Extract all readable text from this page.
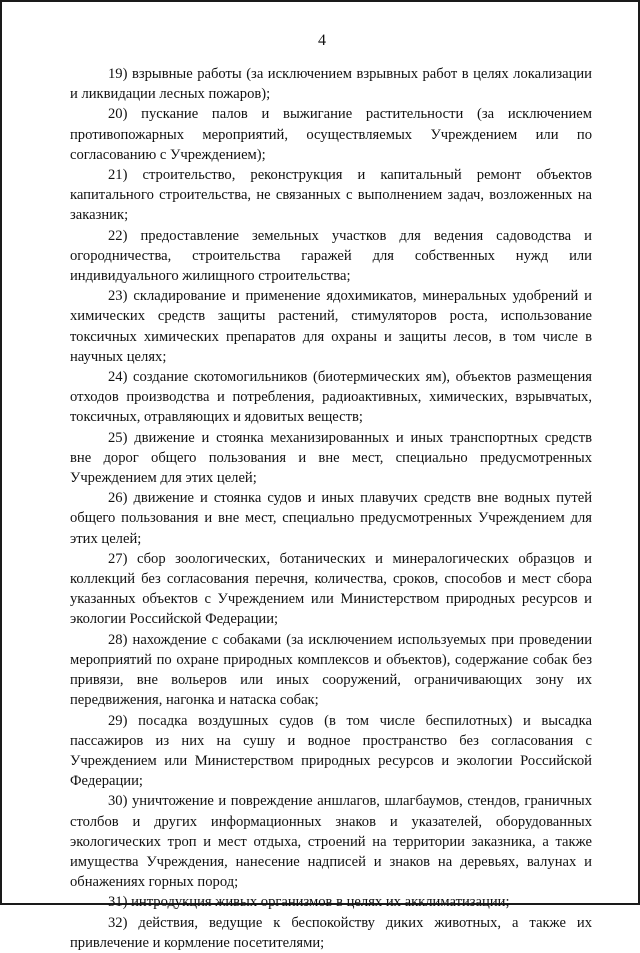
4

19) взрывные работы (за исключением взрывных работ в целях локализации и ликвидации лесных пожаров);

20) пускание палов и выжигание растительности (за исключением противопожарных мероприятий, осуществляемых Учреждением или по согласованию с Учреждением);

21) строительство, реконструкция и капитальный ремонт объектов капитального строительства, не связанных с выполнением задач, возложенных на заказник;

22) предоставление земельных участков для ведения садоводства и огородничества, строительства гаражей для собственных нужд или индивидуального жилищного строительства;

23) складирование и применение ядохимикатов, минеральных удобрений и химических средств защиты растений, стимуляторов роста, использование токсичных химических препаратов для охраны и защиты лесов, в том числе в научных целях;

24) создание скотомогильников (биотермических ям), объектов размещения отходов производства и потребления, радиоактивных, химических, взрывчатых, токсичных, отравляющих и ядовитых веществ;

25) движение и стоянка механизированных и иных транспортных средств вне дорог общего пользования и вне мест, специально предусмотренных Учреждением для этих целей;

26) движение и стоянка судов и иных плавучих средств вне водных путей общего пользования и вне мест, специально предусмотренных Учреждением для этих целей;

27) сбор зоологических, ботанических и минералогических образцов и коллекций без согласования перечня, количества, сроков, способов и мест сбора указанных объектов с Учреждением или Министерством природных ресурсов и экологии Российской Федерации;

28) нахождение с собаками (за исключением используемых при проведении мероприятий по охране природных комплексов и объектов), содержание собак без привязи, вне вольеров или иных сооружений, ограничивающих зону их передвижения, нагонка и натаска собак;

29) посадка воздушных судов (в том числе беспилотных) и высадка пассажиров из них на сушу и водное пространство без согласования с Учреждением или Министерством природных ресурсов и экологии Российской Федерации;

30) уничтожение и повреждение аншлагов, шлагбаумов, стендов, граничных столбов и других информационных знаков и указателей, оборудованных экологических троп и мест отдыха, строений на территории заказника, а также имущества Учреждения, нанесение надписей и знаков на деревьях, валунах и обнажениях горных пород;

31) интродукция живых организмов в целях их акклиматизации;

32) действия, ведущие к беспокойству диких животных, а также их привлечение и кормление посетителями;
